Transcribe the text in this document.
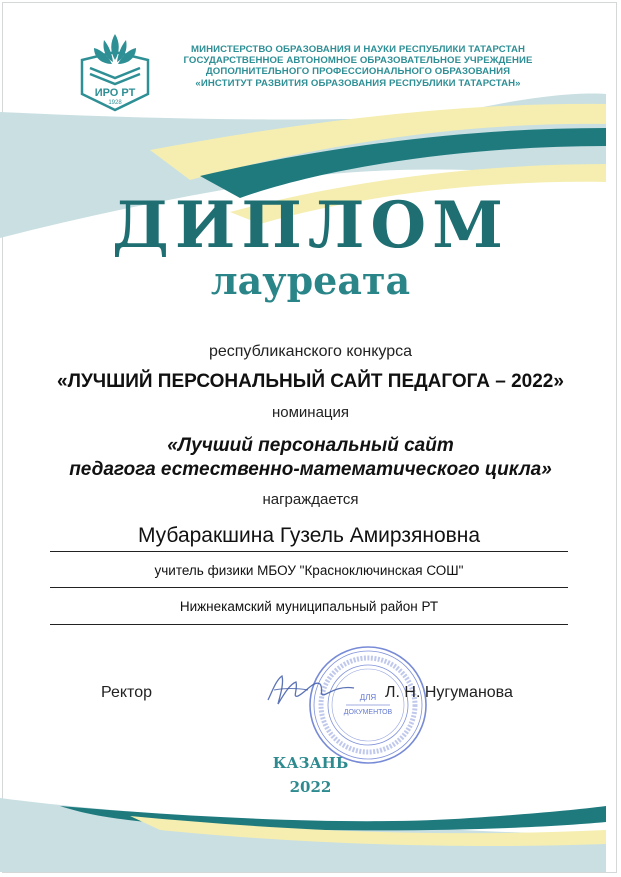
ИРО РТ
1928
МИНИСТЕРСТВО ОБРАЗОВАНИЯ И НАУКИ РЕСПУБЛИКИ ТАТАРСТАН
ГОСУДАРСТВЕННОЕ АВТОНОМНОЕ ОБРАЗОВАТЕЛЬНОЕ УЧРЕЖДЕНИЕ
ДОПОЛНИТЕЛЬНОГО ПРОФЕССИОНАЛЬНОГО ОБРАЗОВАНИЯ
«ИНСТИТУТ РАЗВИТИЯ ОБРАЗОВАНИЯ РЕСПУБЛИКИ ТАТАРСТАН»
ДИПЛОМ
лауреата
республиканского конкурса
«ЛУЧШИЙ ПЕРСОНАЛЬНЫЙ САЙТ ПЕДАГОГА – 2022»
номинация
«Лучший персональный сайт
педагога естественно-математического цикла»
награждается
Мубаракшина Гузель Амирзяновна
учитель физики МБОУ "Красноключинская СОШ"
Нижнекамский муниципальный район РТ
Ректор	ДЛЯ
ДОКУМЕНТОВ
Л. Н. Нугуманова
КАЗАНЬ
2022
